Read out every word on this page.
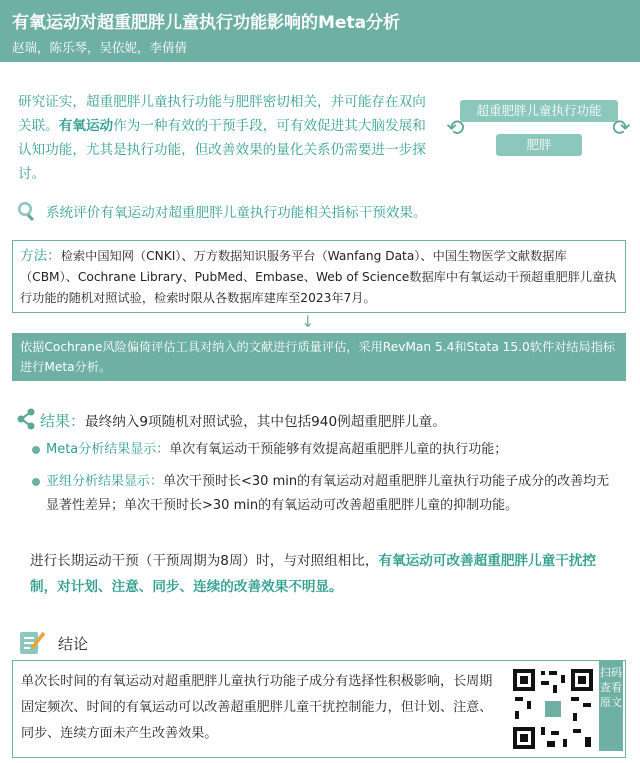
有氧运动对超重肥胖儿童执行功能影响的Meta分析
赵瑞，陈乐琴，吴依妮，李倩倩
研究证实，超重肥胖儿童执行功能与肥胖密切相关，并可能存在双向关联。有氧运动作为一种有效的干预手段，可有效促进其大脑发展和认知功能，尤其是执行功能，但改善效果的量化关系仍需要进一步探讨。
超重肥胖儿童执行功能
肥胖
⟲	⟳
系统评价有氧运动对超重肥胖儿童执行功能相关指标干预效果。
方法：检索中国知网（CNKI）、万方数据知识服务平台（Wanfang Data）、中国生物医学文献数据库（CBM）、Cochrane Library、PubMed、Embase、Web of Science数据库中有氧运动干预超重肥胖儿童执行功能的随机对照试验，检索时限从各数据库建库至2023年7月。
↓
依据Cochrane风险偏倚评估工具对纳入的文献进行质量评估，采用RevMan 5.4和Stata 15.0软件对结局指标进行Meta分析。
结果：最终纳入9项随机对照试验，其中包括940例超重肥胖儿童。
Meta分析结果显示：单次有氧运动干预能够有效提高超重肥胖儿童的执行功能；
亚组分析结果显示：单次干预时长<30 min的有氧运动对超重肥胖儿童执行功能子成分的改善均无显著性差异；单次干预时长>30 min的有氧运动可改善超重肥胖儿童的抑制功能。
进行长期运动干预（干预周期为8周）时，与对照组相比，有氧运动可改善超重肥胖儿童干扰控制，对计划、注意、同步、连续的改善效果不明显。
结论
单次长时间的有氧运动对超重肥胖儿童执行功能子成分有选择性积极影响，长周期固定频次、时间的有氧运动可以改善超重肥胖儿童干扰控制能力，但计划、注意、同步、连续方面未产生改善效果。
扫码查看原文
